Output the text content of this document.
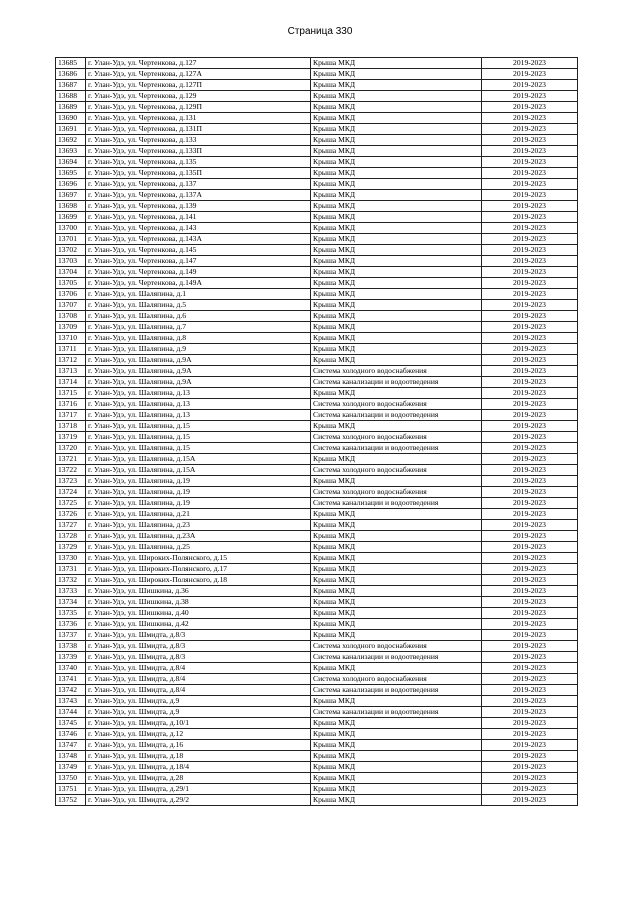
Страница 330
13685	г. Улан-Удэ, ул. Чертенкова, д.127	Крыша МКД	2019-2023
13686	г. Улан-Удэ, ул. Чертенкова, д.127А	Крыша МКД	2019-2023
13687	г. Улан-Удэ, ул. Чертенкова, д.127П	Крыша МКД	2019-2023
13688	г. Улан-Удэ, ул. Чертенкова, д.129	Крыша МКД	2019-2023
13689	г. Улан-Удэ, ул. Чертенкова, д.129П	Крыша МКД	2019-2023
13690	г. Улан-Удэ, ул. Чертенкова, д.131	Крыша МКД	2019-2023
13691	г. Улан-Удэ, ул. Чертенкова, д.131П	Крыша МКД	2019-2023
13692	г. Улан-Удэ, ул. Чертенкова, д.133	Крыша МКД	2019-2023
13693	г. Улан-Удэ, ул. Чертенкова, д.133П	Крыша МКД	2019-2023
13694	г. Улан-Удэ, ул. Чертенкова, д.135	Крыша МКД	2019-2023
13695	г. Улан-Удэ, ул. Чертенкова, д.135П	Крыша МКД	2019-2023
13696	г. Улан-Удэ, ул. Чертенкова, д.137	Крыша МКД	2019-2023
13697	г. Улан-Удэ, ул. Чертенкова, д.137А	Крыша МКД	2019-2023
13698	г. Улан-Удэ, ул. Чертенкова, д.139	Крыша МКД	2019-2023
13699	г. Улан-Удэ, ул. Чертенкова, д.141	Крыша МКД	2019-2023
13700	г. Улан-Удэ, ул. Чертенкова, д.143	Крыша МКД	2019-2023
13701	г. Улан-Удэ, ул. Чертенкова, д.143А	Крыша МКД	2019-2023
13702	г. Улан-Удэ, ул. Чертенкова, д.145	Крыша МКД	2019-2023
13703	г. Улан-Удэ, ул. Чертенкова, д.147	Крыша МКД	2019-2023
13704	г. Улан-Удэ, ул. Чертенкова, д.149	Крыша МКД	2019-2023
13705	г. Улан-Удэ, ул. Чертенкова, д.149А	Крыша МКД	2019-2023
13706	г. Улан-Удэ, ул. Шаляпина, д.1	Крыша МКД	2019-2023
13707	г. Улан-Удэ, ул. Шаляпина, д.5	Крыша МКД	2019-2023
13708	г. Улан-Удэ, ул. Шаляпина, д.6	Крыша МКД	2019-2023
13709	г. Улан-Удэ, ул. Шаляпина, д.7	Крыша МКД	2019-2023
13710	г. Улан-Удэ, ул. Шаляпина, д.8	Крыша МКД	2019-2023
13711	г. Улан-Удэ, ул. Шаляпина, д.9	Крыша МКД	2019-2023
13712	г. Улан-Удэ, ул. Шаляпина, д.9А	Крыша МКД	2019-2023
13713	г. Улан-Удэ, ул. Шаляпина, д.9А	Система холодного водоснабжения	2019-2023
13714	г. Улан-Удэ, ул. Шаляпина, д.9А	Система канализации и водоотведения	2019-2023
13715	г. Улан-Удэ, ул. Шаляпина, д.13	Крыша МКД	2019-2023
13716	г. Улан-Удэ, ул. Шаляпина, д.13	Система холодного водоснабжения	2019-2023
13717	г. Улан-Удэ, ул. Шаляпина, д.13	Система канализации и водоотведения	2019-2023
13718	г. Улан-Удэ, ул. Шаляпина, д.15	Крыша МКД	2019-2023
13719	г. Улан-Удэ, ул. Шаляпина, д.15	Система холодного водоснабжения	2019-2023
13720	г. Улан-Удэ, ул. Шаляпина, д.15	Система канализации и водоотведения	2019-2023
13721	г. Улан-Удэ, ул. Шаляпина, д.15А	Крыша МКД	2019-2023
13722	г. Улан-Удэ, ул. Шаляпина, д.15А	Система холодного водоснабжения	2019-2023
13723	г. Улан-Удэ, ул. Шаляпина, д.19	Крыша МКД	2019-2023
13724	г. Улан-Удэ, ул. Шаляпина, д.19	Система холодного водоснабжения	2019-2023
13725	г. Улан-Удэ, ул. Шаляпина, д.19	Система канализации и водоотведения	2019-2023
13726	г. Улан-Удэ, ул. Шаляпина, д.21	Крыша МКД	2019-2023
13727	г. Улан-Удэ, ул. Шаляпина, д.23	Крыша МКД	2019-2023
13728	г. Улан-Удэ, ул. Шаляпина, д.23А	Крыша МКД	2019-2023
13729	г. Улан-Удэ, ул. Шаляпина, д.25	Крыша МКД	2019-2023
13730	г. Улан-Удэ, ул. Широких-Полянского, д.15	Крыша МКД	2019-2023
13731	г. Улан-Удэ, ул. Широких-Полянского, д.17	Крыша МКД	2019-2023
13732	г. Улан-Удэ, ул. Широких-Полянского, д.18	Крыша МКД	2019-2023
13733	г. Улан-Удэ, ул. Шишкина, д.36	Крыша МКД	2019-2023
13734	г. Улан-Удэ, ул. Шишкина, д.38	Крыша МКД	2019-2023
13735	г. Улан-Удэ, ул. Шишкина, д.40	Крыша МКД	2019-2023
13736	г. Улан-Удэ, ул. Шишкина, д.42	Крыша МКД	2019-2023
13737	г. Улан-Удэ, ул. Шмидта, д.8/3	Крыша МКД	2019-2023
13738	г. Улан-Удэ, ул. Шмидта, д.8/3	Система холодного водоснабжения	2019-2023
13739	г. Улан-Удэ, ул. Шмидта, д.8/3	Система канализации и водоотведения	2019-2023
13740	г. Улан-Удэ, ул. Шмидта, д.8/4	Крыша МКД	2019-2023
13741	г. Улан-Удэ, ул. Шмидта, д.8/4	Система холодного водоснабжения	2019-2023
13742	г. Улан-Удэ, ул. Шмидта, д.8/4	Система канализации и водоотведения	2019-2023
13743	г. Улан-Удэ, ул. Шмидта, д.9	Крыша МКД	2019-2023
13744	г. Улан-Удэ, ул. Шмидта, д.9	Система канализации и водоотведения	2019-2023
13745	г. Улан-Удэ, ул. Шмидта, д.10/1	Крыша МКД	2019-2023
13746	г. Улан-Удэ, ул. Шмидта, д.12	Крыша МКД	2019-2023
13747	г. Улан-Удэ, ул. Шмидта, д.16	Крыша МКД	2019-2023
13748	г. Улан-Удэ, ул. Шмидта, д.18	Крыша МКД	2019-2023
13749	г. Улан-Удэ, ул. Шмидта, д.18/4	Крыша МКД	2019-2023
13750	г. Улан-Удэ, ул. Шмидта, д.28	Крыша МКД	2019-2023
13751	г. Улан-Удэ, ул. Шмидта, д.29/1	Крыша МКД	2019-2023
13752	г. Улан-Удэ, ул. Шмидта, д.29/2	Крыша МКД	2019-2023
